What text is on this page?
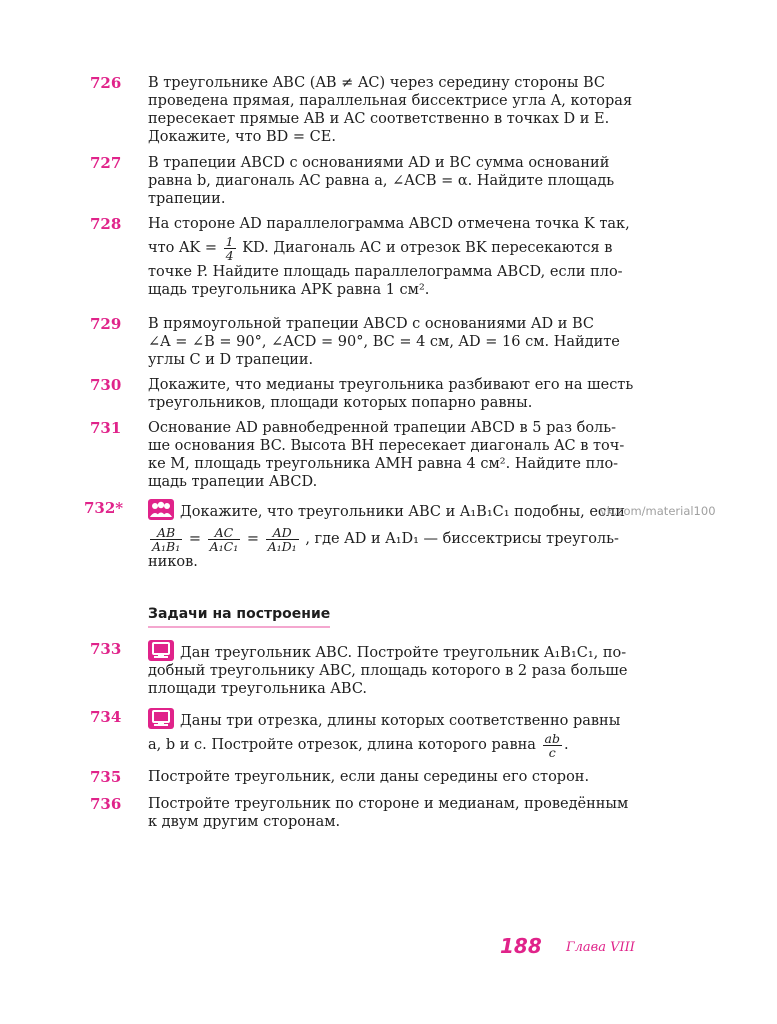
726	В треугольнике ABC (AB ≠ AC) через середину стороны BC
проведена прямая, параллельная биссектрисе угла A, которая
пересекает прямые AB и AC соответственно в точках D и E.
Докажите, что BD = CE.
727	В трапеции ABCD с основаниями AD и BC сумма оснований
равна b, диагональ AC равна a, ∠ACB = α. Найдите площадь
трапеции.
728	На стороне AD параллелограмма ABCD отмечена точка K так,
что AK = $\frac{1}{4}$ KD. Диагональ AC и отрезок BK пересекаются в
точке P. Найдите площадь параллелограмма ABCD, если пло-
щадь треугольника APK равна 1 см².
729	В прямоугольной трапеции ABCD с основаниями AD и BC
∠A = ∠B = 90°, ∠ACD = 90°, BC = 4 см, AD = 16 см. Найдите
углы C и D трапеции.
730	Докажите, что медианы треугольника разбивают его на шесть
треугольников, площади которых попарно равны.
731	Основание AD равнобедренной трапеции ABCD в 5 раз боль-
ше основания BC. Высота BH пересекает диагональ AC в точ-
ке M, площадь треугольника AMH равна 4 см². Найдите пло-
щадь трапеции ABCD.
732*	Докажите, что треугольники ABC и A₁B₁C₁ подобны, если
$\frac{AB}{\text{A₁B₁}} = \frac{AC}{\text{A₁C₁}} = \frac{AD}{\text{A₁D₁}}$ , где AD и A₁D₁ — биссектрисы треуголь-
ников.
vk.com/material100
Задачи на построение
733	Дан треугольник ABC. Постройте треугольник A₁B₁C₁, по-
добный треугольнику ABC, площадь которого в 2 раза больше
площади треугольника ABC.
734	Даны три отрезка, длины которых соответственно равны
a, b и c. Постройте отрезок, длина которого равна $\frac{ab}{c}$ .
735	Постройте треугольник, если даны середины его сторон.
736	Постройте треугольник по стороне и медианам, проведённым
к двум другим сторонам.
188 Глава VIII
